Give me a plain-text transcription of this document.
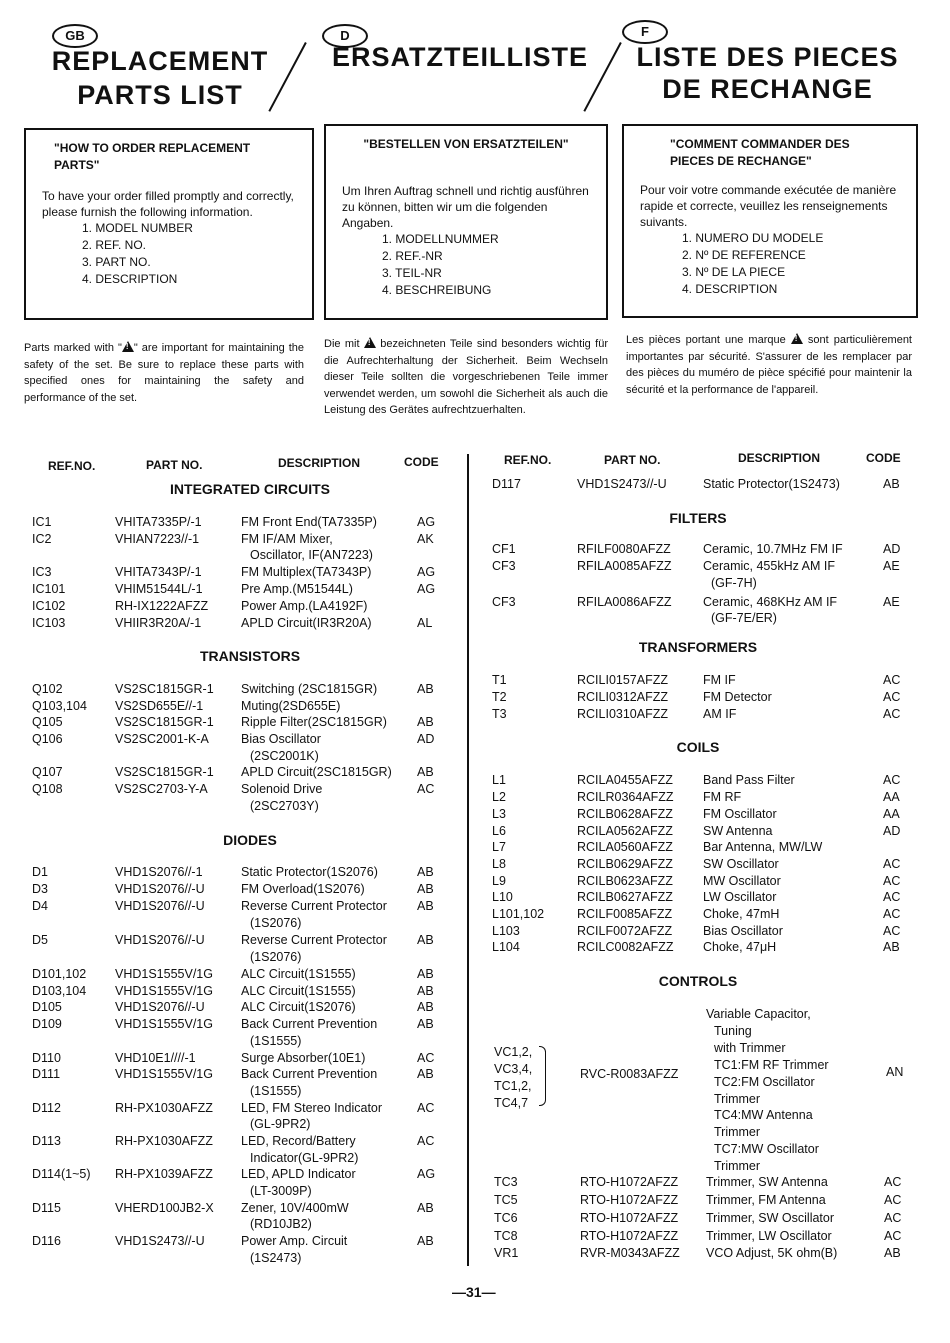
GB
REPLACEMENT
PARTS LIST
D
ERSATZTEILLISTE
F
LISTE DES PIECES
DE RECHANGE
"HOW TO ORDER REPLACEMENT PARTS"
To have your order filled promptly and correctly, please furnish the following information.
1. MODEL NUMBER
2. REF. NO.
3. PART NO.
4. DESCRIPTION
"BESTELLEN VON ERSATZTEILEN"
Um Ihren Auftrag schnell und richtig ausführen zu können, bitten wir um die folgenden Angaben.
1. MODELLNUMMER
2. REF.-NR
3. TEIL-NR
4. BESCHREIBUNG
"COMMENT COMMANDER DES PIECES DE RECHANGE"
Pour voir votre commande exécutée de manière rapide et correcte, veuillez les renseignements suivants.
1. NUMERO DU MODELE
2. Nº DE REFERENCE
3. Nº DE LA PIECE
4. DESCRIPTION
Parts marked with "! " are important for maintaining the safety of the set. Be sure to replace these parts with specified ones for maintaining the safety and performance of the set.
Die mit ! bezeichneten Teile sind besonders wichtig für die Aufrechterhaltung der Sicherheit. Beim Wechseln dieser Teile sollten die vorgeschriebenen Teile immer verwendet werden, um sowohl die Sicherheit als auch die Leistung des Gerätes aufrechtzuerhalten.
Les pièces portant une marque ! sont particulièrement importantes par sécurité. S'assurer de les remplacer par des pièces du muméro de pièce spécifié pour maintenir la sécurité et la performance de l'appareil.
REF.NO.	PART NO.	DESCRIPTION	CODE	REF.NO.	PART NO.	DESCRIPTION	CODE
INTEGRATED CIRCUITS
IC1	VHITA7335P/-1	FM Front End(TA7335P)	AG
IC2	VHIAN7223//-1	FM IF/AM Mixer,	AK
Oscillator, IF(AN7223)
IC3	VHITA7343P/-1	FM Multiplex(TA7343P)	AG
IC101	VHIM51544L/-1	Pre Amp.(M51544L)	AG
IC102	RH-IX1222AFZZ	Power Amp.(LA4192F)
IC103	VHIIR3R20A/-1	APLD Circuit(IR3R20A)	AL
TRANSISTORS
Q102	VS2SC1815GR-1 Switching (2SC1815GR)	AB
Q103,104 VS2SD655E//-1	Muting(2SD655E)
Q105	VS2SC1815GR-1 Ripple Filter(2SC1815GR) AB
Q106	VS2SC2001-K-A	Bias Oscillator	AD
(2SC2001K)
Q107	VS2SC1815GR-1 APLD Circuit(2SC1815GR) AB
Q108	VS2SC2703-Y-A	Solenoid Drive	AC
(2SC2703Y)
DIODES
D1	VHD1S2076//-1	Static Protector(1S2076)	AB
D3	VHD1S2076//-U	FM Overload(1S2076)	AB
D4	VHD1S2076//-U	Reverse Current Protector AB
(1S2076)
D5	VHD1S2076//-U	Reverse Current Protector AB
(1S2076)
D101,102 VHD1S1555V/1G ALC Circuit(1S1555)	AB
D103,104 VHD1S1555V/1G ALC Circuit(1S1555)	AB
D105	VHD1S2076//-U	ALC Circuit(1S2076)	AB
D109	VHD1S1555V/1G Back Current Prevention	AB
(1S1555)
D110	VHD10E1////-1	Surge Absorber(10E1)	AC
D111	VHD1S1555V/1G Back Current Prevention	AB
(1S1555)
D112	RH-PX1030AFZZ LED, FM Stereo Indicator	AC
(GL-9PR2)
D113	RH-PX1030AFZZ LED, Record/Battery	AC
Indicator(GL-9PR2)
D114(1~5) RH-PX1039AFZZ LED, APLD Indicator	AG
(LT-3009P)
D115	VHERD100JB2-X Zener, 10V/400mW	AB
(RD10JB2)
D116	VHD1S2473//-U	Power Amp. Circuit	AB
(1S2473)
D117	VHD1S2473//-U	Static Protector(1S2473)	AB
FILTERS
CF1	RFILF0080AFZZ	Ceramic, 10.7MHz FM IF	AD
CF3	RFILA0085AFZZ	Ceramic, 455kHz AM IF	AE
(GF-7H)
CF3	RFILA0086AFZZ	Ceramic, 468KHz AM IF	AE
(GF-7E/ER)
TRANSFORMERS
T1	RCILI0157AFZZ	FM IF	AC
T2	RCILI0312AFZZ	FM Detector	AC
T3	RCILI0310AFZZ	AM IF	AC
COILS
L1	RCILA0455AFZZ Band Pass Filter	AC
L2	RCILR0364AFZZ FM RF	AA
L3	RCILB0628AFZZ FM Oscillator	AA
L6	RCILA0562AFZZ SW Antenna	AD
L7	RCILA0560AFZZ Bar Antenna, MW/LW
L8	RCILB0629AFZZ SW Oscillator	AC
L9	RCILB0623AFZZ MW Oscillator	AC
L10	RCILB0627AFZZ LW Oscillator	AC
L101,102	RCILF0085AFZZ Choke, 47mH	AC
L103	RCILF0072AFZZ Bias Oscillator	AC
L104	RCILC0082AFZZ Choke, 47μH	AB
CONTROLS
TC3	RTO-H1072AFZZ Trimmer, SW Antenna	AC
TC5	RTO-H1072AFZZ Trimmer, FM Antenna	AC
TC6	RTO-H1072AFZZ Trimmer, SW Oscillator	AC
TC8	RTO-H1072AFZZ Trimmer, LW Oscillator	AC
VR1	RVR-M0343AFZZ VCO Adjust, 5K ohm(B)	AB
VC1,2,
VC3,4,
TC1,2,
TC4,7
RVC-R0083AFZZ
Variable Capacitor,
Tuning
with Trimmer
TC1:FM RF Trimmer
TC2:FM Oscillator
Trimmer
TC4:MW Antenna
Trimmer
TC7:MW Oscillator
Trimmer
AN
—31—
